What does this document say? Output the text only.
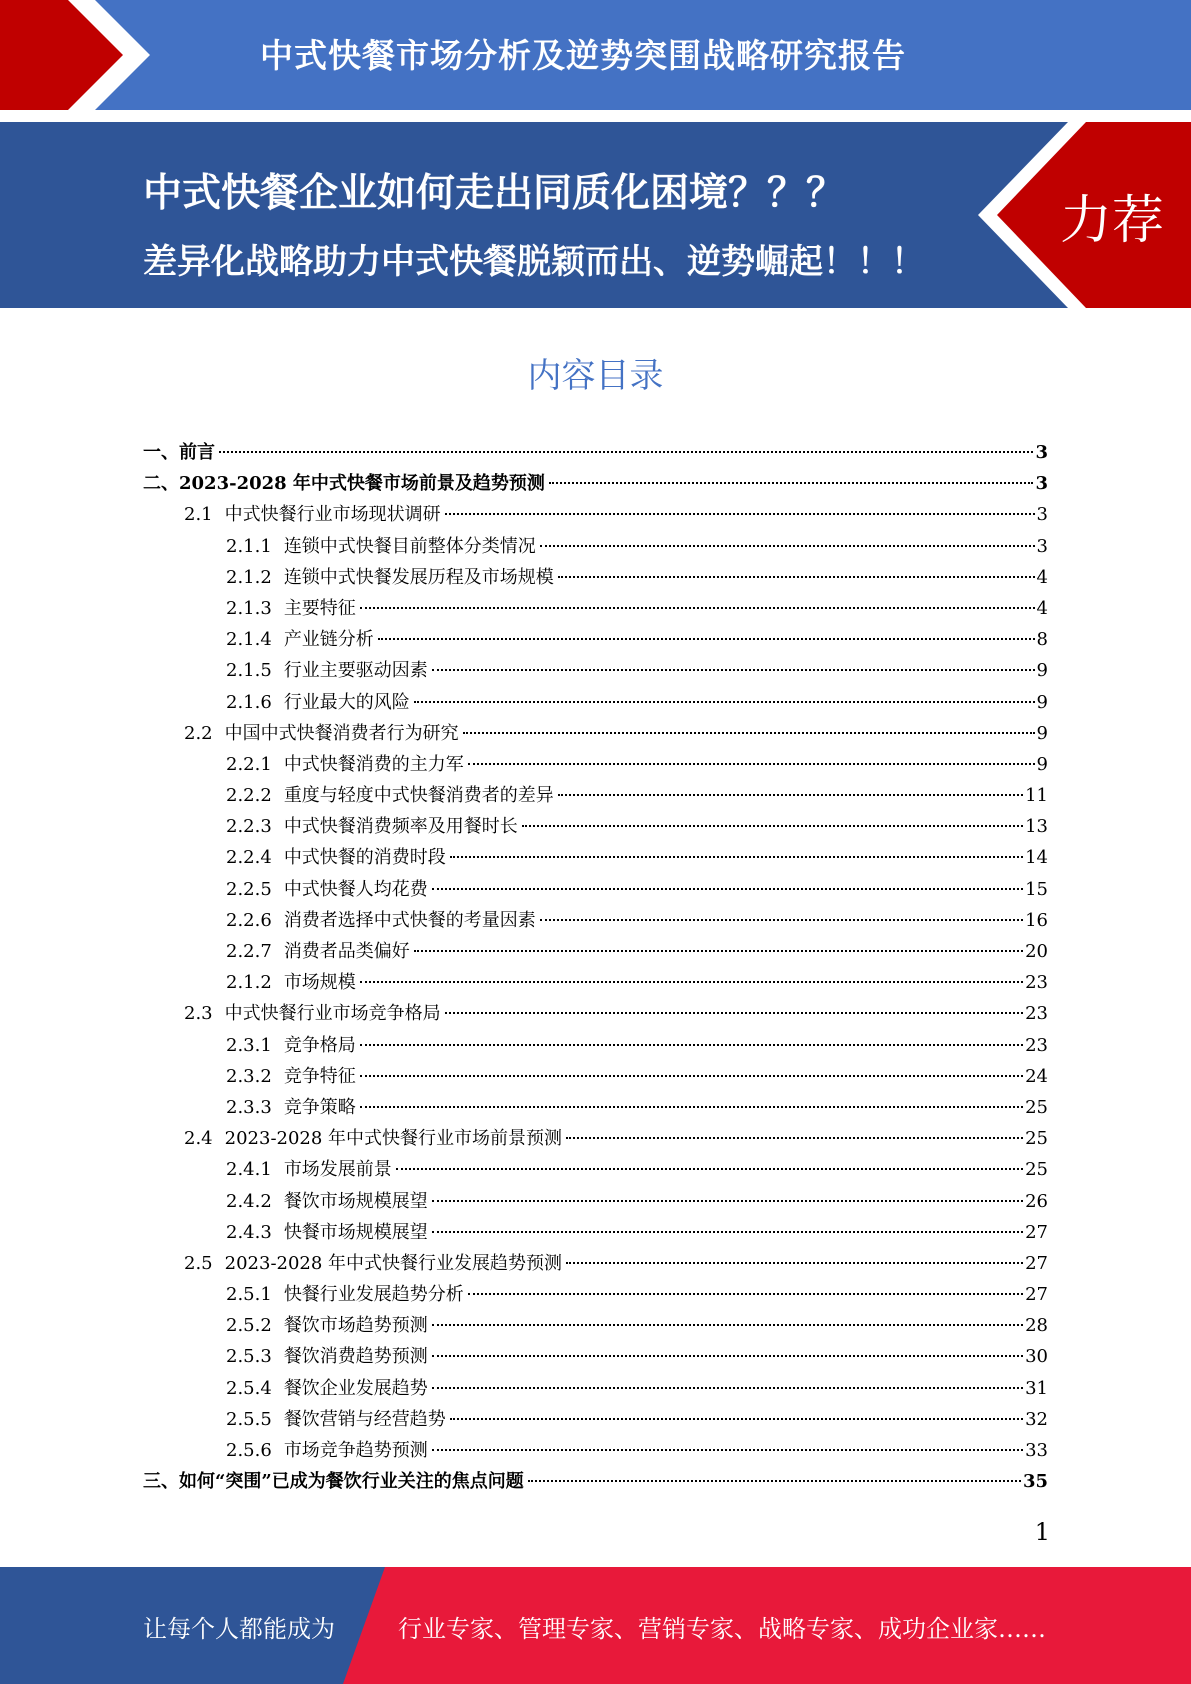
中式快餐市场分析及逆势突围战略研究报告
中式快餐企业如何走出同质化困境？？？
差异化战略助力中式快餐脱颖而出、逆势崛起！！！
力荐
内容目录
一、前言	3
二、2023-2028 年中式快餐市场前景及趋势预测	3
2.1 中式快餐行业市场现状调研	3
2.1.1 连锁中式快餐目前整体分类情况	3
2.1.2 连锁中式快餐发展历程及市场规模	4
2.1.3 主要特征	4
2.1.4 产业链分析	8
2.1.5 行业主要驱动因素	9
2.1.6 行业最大的风险	9
2.2 中国中式快餐消费者行为研究	9
2.2.1 中式快餐消费的主力军	9
2.2.2 重度与轻度中式快餐消费者的差异	11
2.2.3 中式快餐消费频率及用餐时长	13
2.2.4 中式快餐的消费时段	14
2.2.5 中式快餐人均花费	15
2.2.6 消费者选择中式快餐的考量因素	16
2.2.7 消费者品类偏好	20
2.1.2 市场规模	23
2.3 中式快餐行业市场竞争格局	23
2.3.1 竞争格局	23
2.3.2 竞争特征	24
2.3.3 竞争策略	25
2.4 2023-2028 年中式快餐行业市场前景预测	25
2.4.1 市场发展前景	25
2.4.2 餐饮市场规模展望	26
2.4.3 快餐市场规模展望	27
2.5 2023-2028 年中式快餐行业发展趋势预测	27
2.5.1 快餐行业发展趋势分析	27
2.5.2 餐饮市场趋势预测	28
2.5.3 餐饮消费趋势预测	30
2.5.4 餐饮企业发展趋势	31
2.5.5 餐饮营销与经营趋势	32
2.5.6 市场竞争趋势预测	33
三、如何“突围”已成为餐饮行业关注的焦点问题	35
1
让每个人都能成为	行业专家、管理专家、营销专家、战略专家、成功企业家……
